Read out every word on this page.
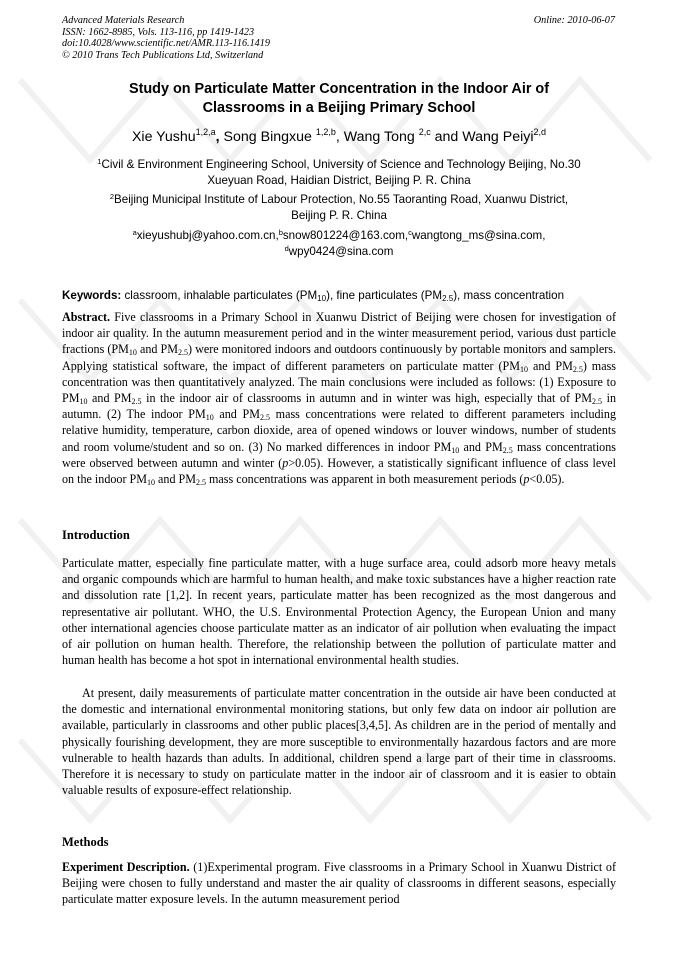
Advanced Materials Research
ISSN: 1662-8985, Vols. 113-116, pp 1419-1423
doi:10.4028/www.scientific.net/AMR.113-116.1419
© 2010 Trans Tech Publications Ltd, Switzerland
Online: 2010-06-07
Study on Particulate Matter Concentration in the Indoor Air of
Classrooms in a Beijing Primary School
Xie Yushu$^{1,2,a}$, Song Bingxue $^{1,2,b}$, Wang Tong $^{2,c}$ and Wang Peiyi$^{2,d}$
$^1$Civil & Environment Engineering School, University of Science and Technology Beijing, No.30
Xueyuan Road, Haidian District, Beijing P. R. China
$^2$Beijing Municipal Institute of Labour Protection, No.55 Taoranting Road, Xuanwu District,
Beijing P. R. China
$^a$xieyushubj@yahoo.com.cn,$^b$snow801224@163.com,$^c$wangtong_ms@sina.com,
$^d$wpy0424@sina.com
Keywords: classroom, inhalable particulates $(PM_{10})$, fine particulates $(PM_{2.5})$, mass concentration
Abstract. Five classrooms in a Primary School in Xuanwu District of Beijing were chosen for investigation of indoor air quality. In the autumn measurement period and in the winter measurement period, various dust particle fractions ($PM_{10}$ and $PM_{2.5}$) were monitored indoors and outdoors continuously by portable monitors and samplers. Applying statistical software, the impact of different parameters on particulate matter ($PM_{10}$ and $PM_{2.5}$) mass concentration was then quantitatively analyzed. The main conclusions were included as follows: (1) Exposure to $PM_{10}$ and $PM_{2.5}$ in the indoor air of classrooms in autumn and in winter was high, especially that of $PM_{2.5}$ in autumn. (2) The indoor $PM_{10}$ and $PM_{2.5}$ mass concentrations were related to different parameters including relative humidity, temperature, carbon dioxide, area of opened windows or louver windows, number of students and room volume/student and so on. (3) No marked differences in indoor $PM_{10}$ and $PM_{2.5}$ mass concentrations were observed between autumn and winter (p>0.05). However, a statistically significant influence of class level on the indoor $PM_{10}$ and $PM_{2.5}$ mass concentrations was apparent in both measurement periods (p<0.05).
Introduction
Particulate matter, especially fine particulate matter, with a huge surface area, could adsorb more heavy metals and organic compounds which are harmful to human health, and make toxic substances have a higher reaction rate and dissolution rate [1,2]. In recent years, particulate matter has been recognized as the most dangerous and representative air pollutant. WHO, the U.S. Environmental Protection Agency, the European Union and many other international agencies choose particulate matter as an indicator of air pollution when evaluating the impact of air pollution on human health. Therefore, the relationship between the pollution of particulate matter and human health has become a hot spot in international environmental health studies.
At present, daily measurements of particulate matter concentration in the outside air have been conducted at the domestic and international environmental monitoring stations, but only few data on indoor air pollution are available, particularly in classrooms and other public places[3,4,5]. As children are in the period of mentally and physically fourishing development, they are more susceptible to environmentally hazardous factors and are more vulnerable to health hazards than adults. In additional, children spend a large part of their time in classrooms. Therefore it is necessary to study on particulate matter in the indoor air of classroom and it is easier to obtain valuable results of exposure-effect relationship.
Methods
Experiment Description. (1)Experimental program. Five classrooms in a Primary School in Xuanwu District of Beijing were chosen to fully understand and master the air quality of classrooms in different seasons, especially particulate matter exposure levels. In the autumn measurement period
